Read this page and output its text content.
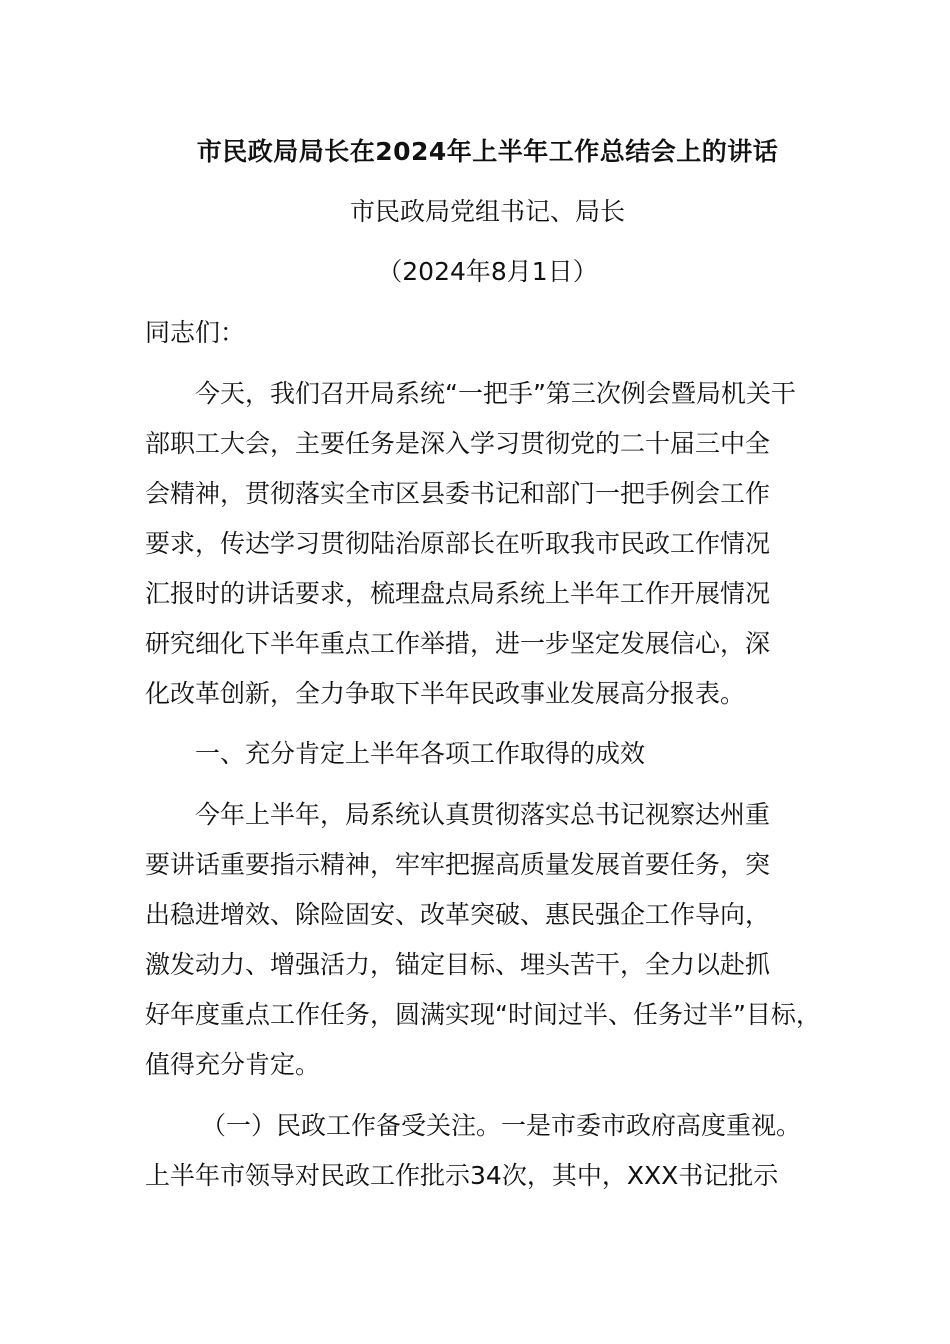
市民政局局长在2024年上半年工作总结会上的讲话
市民政局党组书记、局长
（2024年8月1日）
同志们：

今天，我们召开局系统“一把手”第三次例会暨局机关干
部职工大会，主要任务是深入学习贯彻党的二十届三中全
会精神，贯彻落实全市区县委书记和部门一把手例会工作
要求，传达学习贯彻陆治原部长在听取我市民政工作情况
汇报时的讲话要求，梳理盘点局系统上半年工作开展情况
研究细化下半年重点工作举措，进一步坚定发展信心，深
化改革创新，全力争取下半年民政事业发展高分报表。

一、充分肯定上半年各项工作取得的成效

今年上半年，局系统认真贯彻落实总书记视察达州重
要讲话重要指示精神，牢牢把握高质量发展首要任务，突
出稳进增效、除险固安、改革突破、惠民强企工作导向，
激发动力、增强活力，锚定目标、埋头苦干，全力以赴抓
好年度重点工作任务，圆满实现“时间过半、任务过半”目标，
值得充分肯定。

（一）民政工作备受关注。一是市委市政府高度重视。
上半年市领导对民政工作批示34次，其中，XXX书记批示
